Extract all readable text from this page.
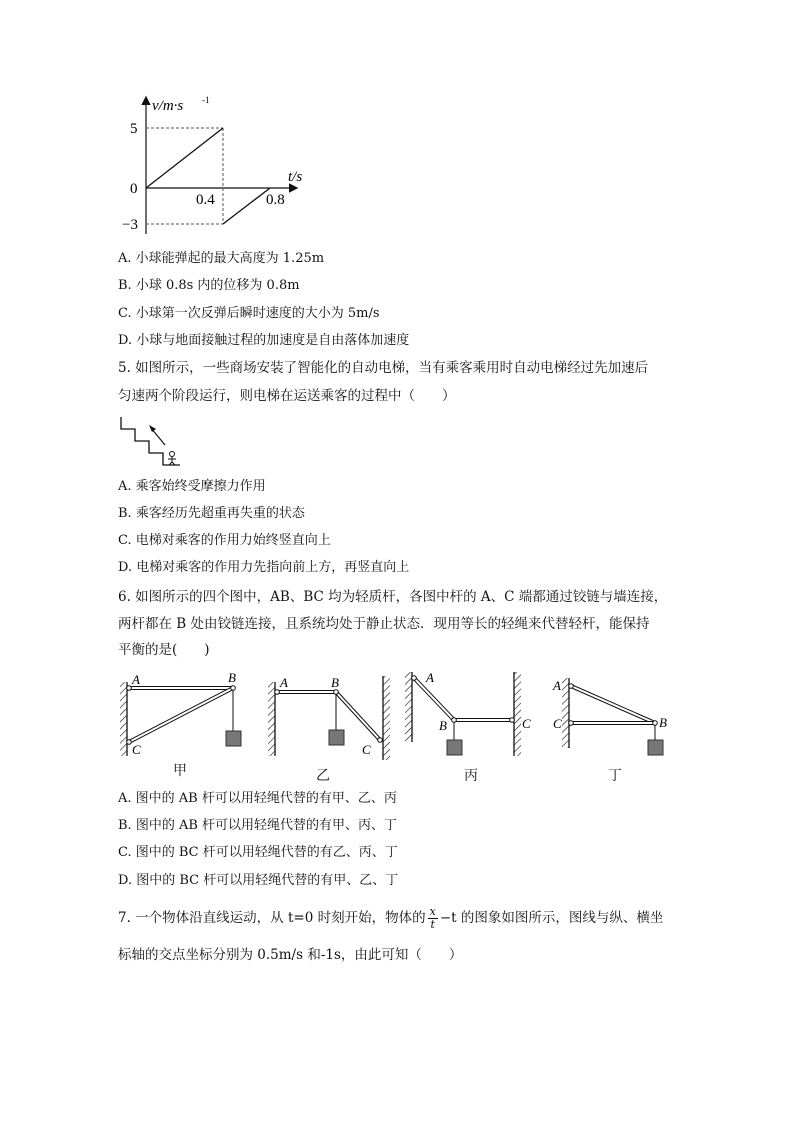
v/m·s -1
t/s
5
0
−3
0.4	0.8
A. 小球能弹起的最大高度为 1.25m
B. 小球 0.8s 内的位移为 0.8m
C. 小球第一次反弹后瞬时速度的大小为 5m/s
D. 小球与地面接触过程的加速度是自由落体加速度
5. 如图所示，一些商场安装了智能化的自动电梯，当有乘客乘用时自动电梯经过先加速后
匀速两个阶段运行，则电梯在运送乘客的过程中（　　）
A. 乘客始终受摩擦力作用
B. 乘客经历先超重再失重的状态
C. 电梯对乘客的作用力始终竖直向上
D. 电梯对乘客的作用力先指向前上方，再竖直向上
6. 如图所示的四个图中，AB、BC 均为轻质杆，各图中杆的 A、C 端都通过铰链与墙连接，
两杆都在 B 处由铰链连接，且系统均处于静止状态．现用等长的轻绳来代替轻杆，能保持
平衡的是(　　)
A	B
C
A	B
C
A
B	C
A
B
C
甲	乙	丙	丁
A. 图中的 AB 杆可以用轻绳代替的有甲、乙、丙
B. 图中的 AB 杆可以用轻绳代替的有甲、丙、丁
C. 图中的 BC 杆可以用轻绳代替的有乙、丙、丁
D. 图中的 BC 杆可以用轻绳代替的有甲、乙、丁
7. 一个物体沿直线运动，从 t=0 时刻开始，物体的 $\frac{x}{t} -t$ 的图象如图所示，图线与纵、横坐
标轴的交点坐标分别为 0.5m/s 和-1s，由此可知（　　）
